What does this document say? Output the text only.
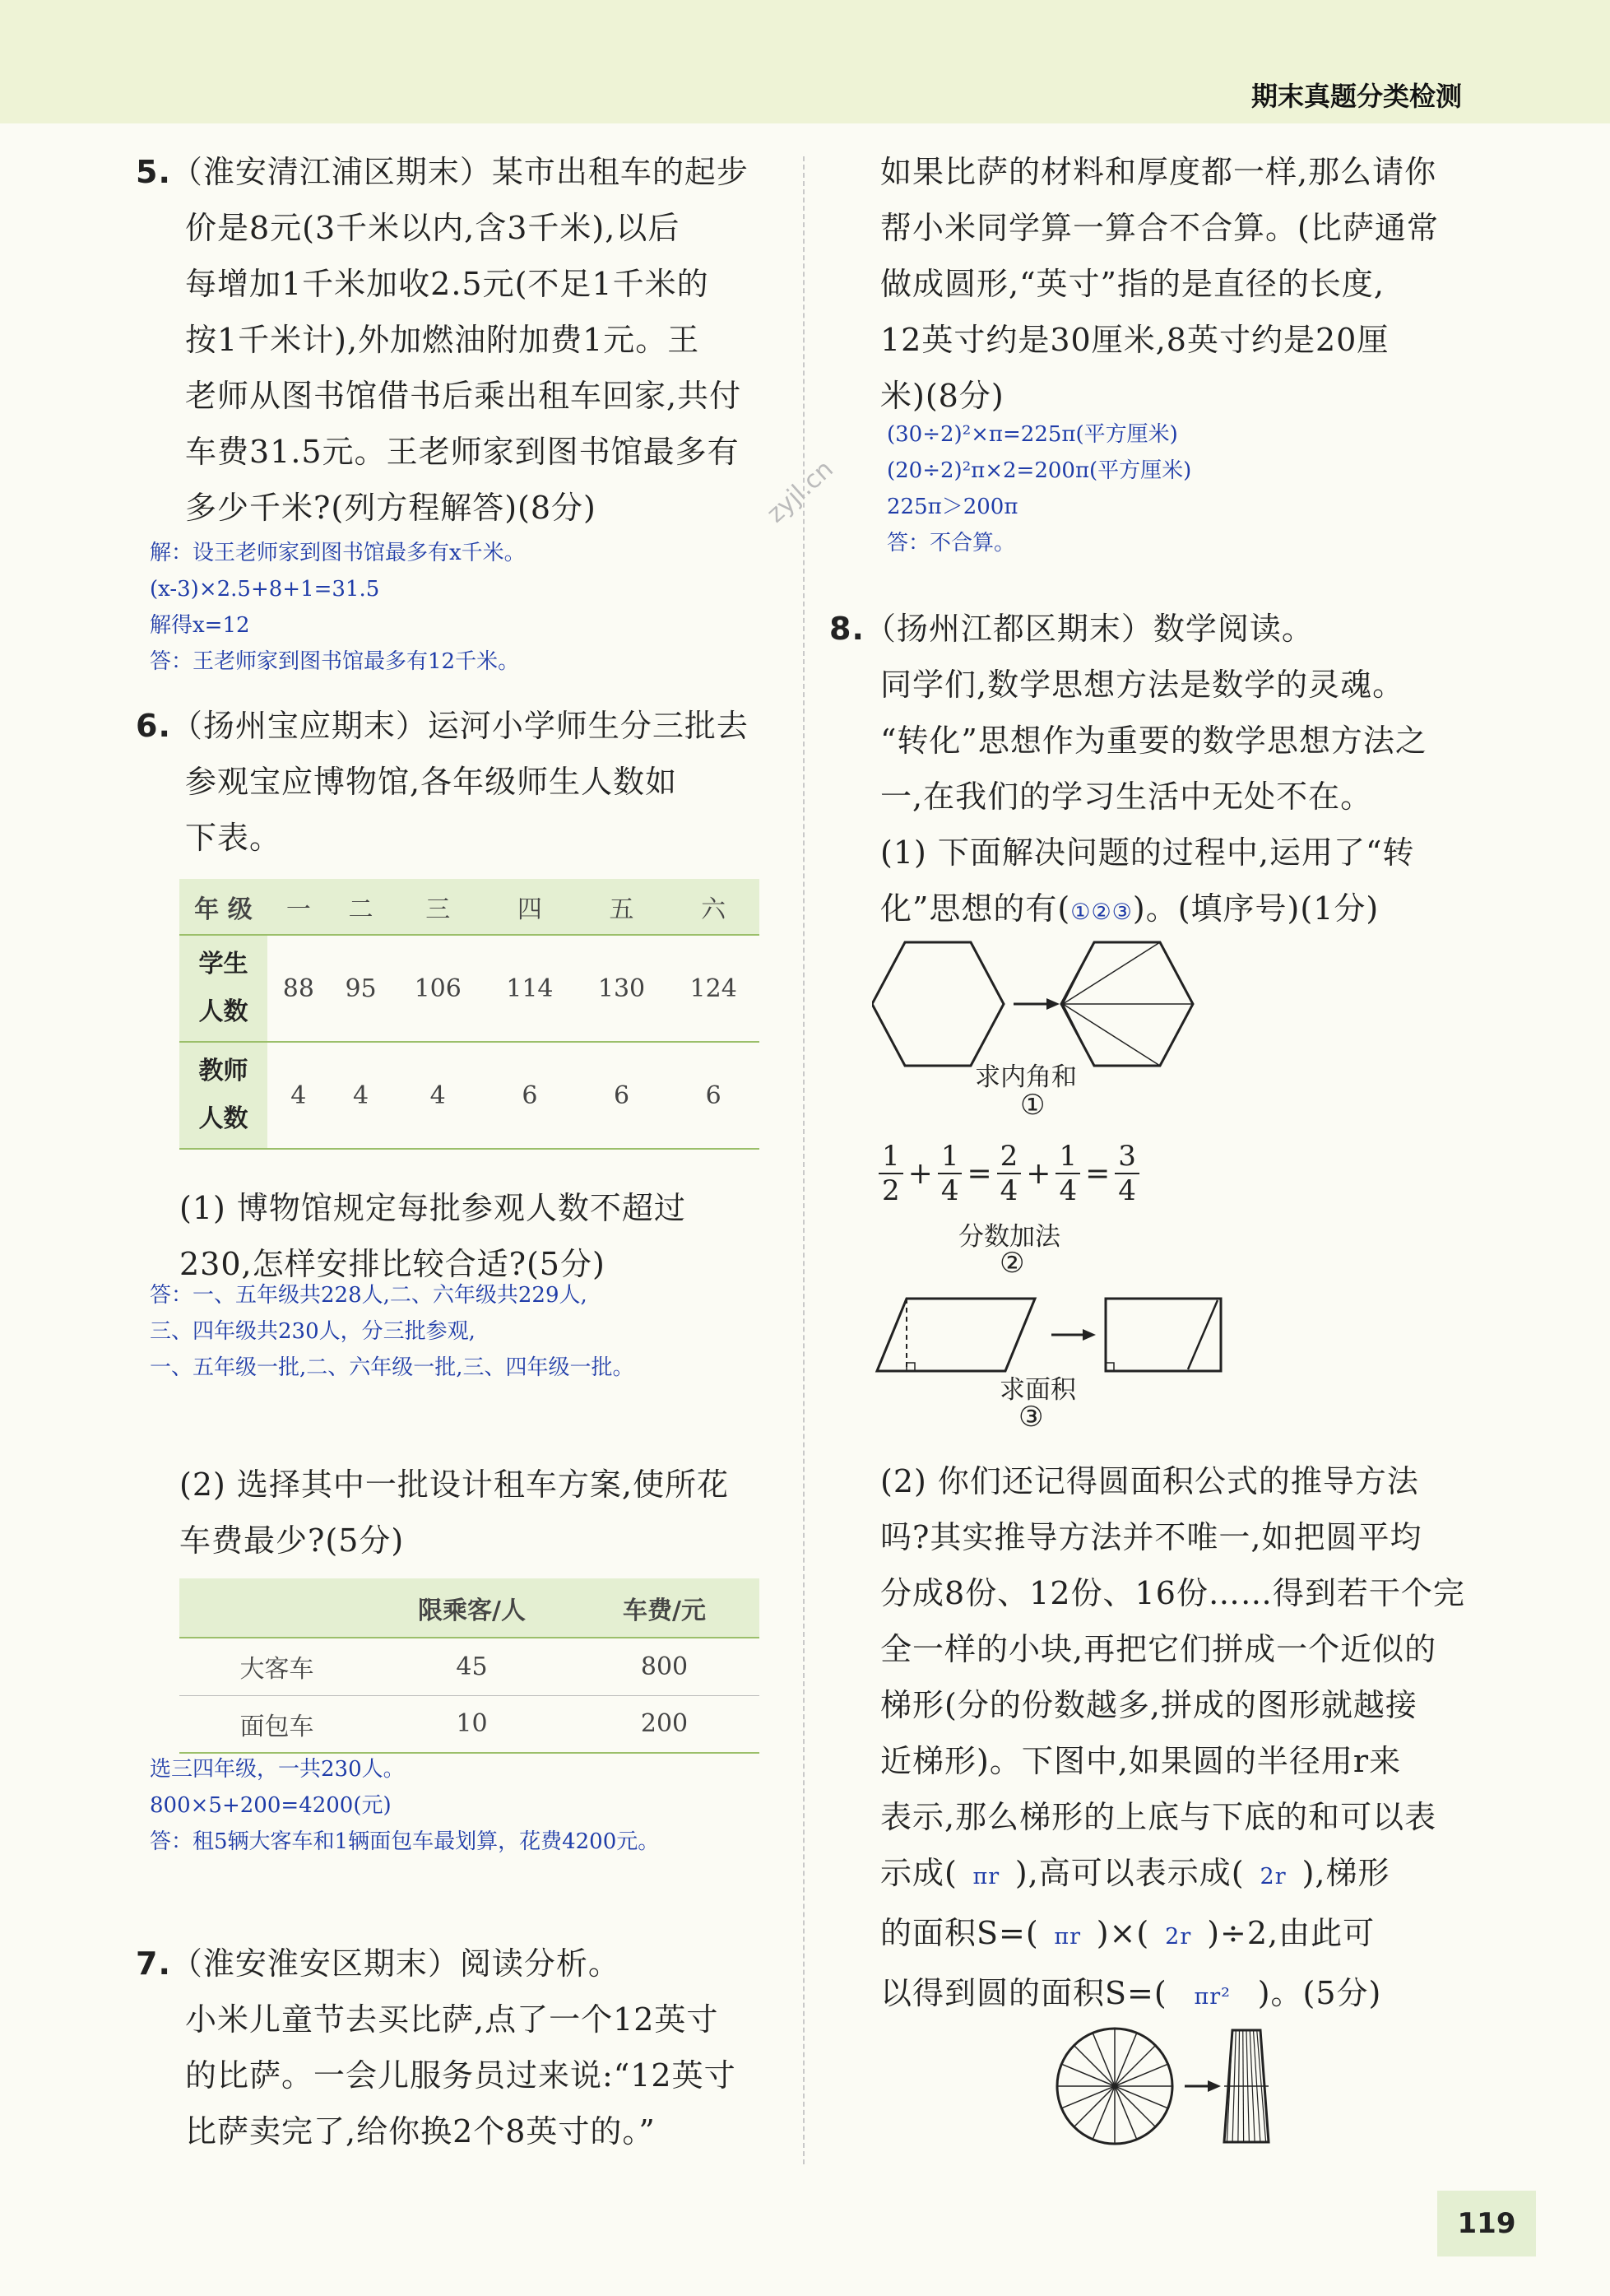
期末真题分类检测
zyjl.cn
5.（淮安清江浦区期末）某市出租车的起步
价是8元(3千米以内,含3千米),以后
每增加1千米加收2.5元(不足1千米的
按1千米计),外加燃油附加费1元。王
老师从图书馆借书后乘出租车回家,共付
车费31.5元。王老师家到图书馆最多有
多少千米?(列方程解答)(8分)
解：设王老师家到图书馆最多有x千米。
(x-3)×2.5+8+1=31.5
解得x=12
答：王老师家到图书馆最多有12千米。
6.（扬州宝应期末）运河小学师生分三批去
参观宝应博物馆,各年级师生人数如
下表。
年 级	一	二	三	四	五	六
学生
人数	88	95	106	114	130	124
教师
人数	4	4	4	6	6	6
(1) 博物馆规定每批参观人数不超过
230,怎样安排比较合适?(5分)
答：一、五年级共228人,二、六年级共229人,
三、四年级共230人，分三批参观,
一、五年级一批,二、六年级一批,三、四年级一批。
(2) 选择其中一批设计租车方案,使所花
车费最少?(5分)
	限乘客/人	车费/元
大客车	45	800
面包车	10	200
选三四年级，一共230人。
800×5+200=4200(元)
答：租5辆大客车和1辆面包车最划算，花费4200元。
7.（淮安淮安区期末）阅读分析。
小米儿童节去买比萨,点了一个12英寸
的比萨。一会儿服务员过来说:“12英寸
比萨卖完了,给你换2个8英寸的。”
如果比萨的材料和厚度都一样,那么请你
帮小米同学算一算合不合算。(比萨通常
做成圆形,“英寸”指的是直径的长度,
12英寸约是30厘米,8英寸约是20厘
米)(8分)
(30÷2)²×π=225π(平方厘米)
(20÷2)²π×2=200π(平方厘米)
225π＞200π
答：不合算。
8.（扬州江都区期末）数学阅读。
同学们,数学思想方法是数学的灵魂。
“转化”思想作为重要的数学思想方法之
一,在我们的学习生活中无处不在。
(1) 下面解决问题的过程中,运用了“转
化”思想的有(①②③)。(填序号)(1分)
求内角和
①
$\frac{1}{2} + \frac{1}{4} = \frac{2}{4} + \frac{1}{4} = \frac{3}{4}$
分数加法
②
求面积
③
(2) 你们还记得圆面积公式的推导方法
吗?其实推导方法并不唯一,如把圆平均
分成8份、12份、16份……得到若干个完
全一样的小块,再把它们拼成一个近似的
梯形(分的份数越多,拼成的图形就越接
近梯形)。下图中,如果圆的半径用r来
表示,那么梯形的上底与下底的和可以表
示成( πr ),高可以表示成( 2r ),梯形
的面积S=( πr )×( 2r )÷2,由此可
以得到圆的面积S=( πr² )。(5分)
119
